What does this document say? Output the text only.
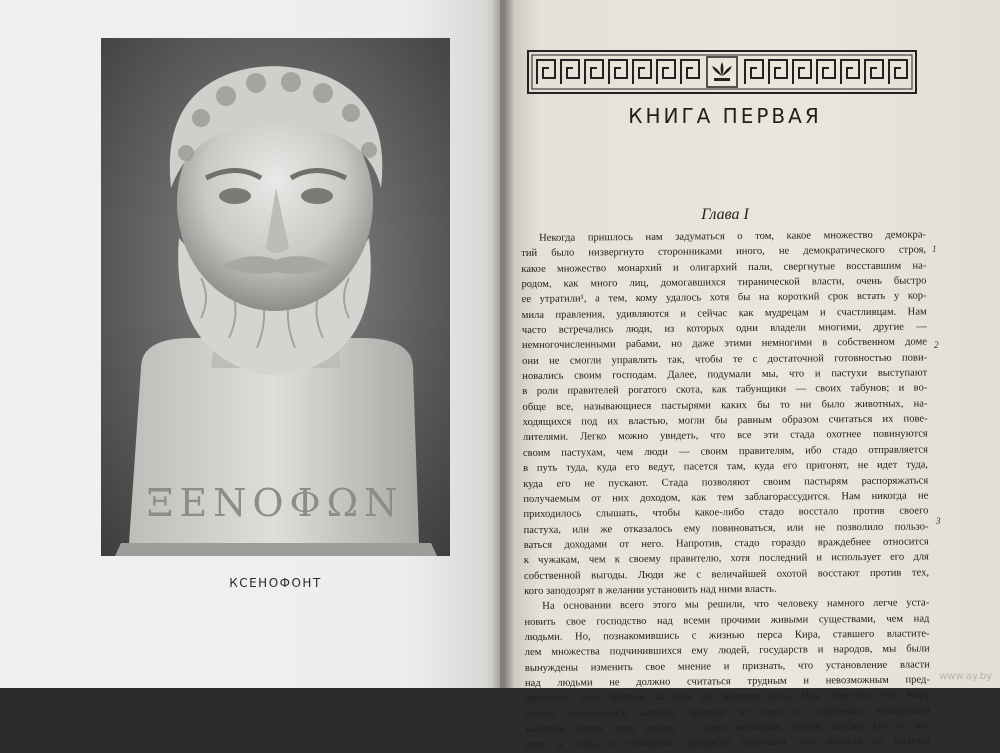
ΞΕΝΟΦΩΝ
КСЕНОФОНТ
КНИГА ПЕРВАЯ
Глава I
Некогда пришлось нам задуматься о том, какое множество демокра-
тий было низвергнуто сторонниками иного, не демократического строя,
какое множество монархий и олигархий пали, свергнутые восставшим на-
родом, как много лиц, домогавшихся тиранической власти, очень быстро
ее утратили¹, а тем, кому удалось хотя бы на короткий срок встать у кор-
мила правления, удивляются и сейчас как мудрецам и счастливцам. Нам
часто встречались люди, из которых одни владели многими, другие —
немногочисленными рабами, но даже этими немногими в собственном доме
они не смогли управлять так, чтобы те с достаточной готовностью пови-
новались своим господам. Далее, подумали мы, что и пастухи выступают
в роли правителей рогатого скота, как табунщики — своих табунов; и во-
обще все, называющиеся пастырями каких бы то ни было животных, на-
ходящихся под их властью, могли бы равным образом считаться их пове-
лителями. Легко можно увидеть, что все эти стада охотнее повинуются
своим пастухам, чем люди — своим правителям, ибо стадо отправляется
в путь туда, куда его ведут, пасется там, куда его пригонят, не идет туда,
куда его не пускают. Стада позволяют своим пастырям распоряжаться
получаемым от них доходом, как тем заблагорассудится. Нам никогда не
приходилось слышать, чтобы какое-либо стадо восстало против своего
пастуха, или же отказалось ему повиноваться, или не позволило пользо-
ваться доходами от него. Напротив, стадо гораздо враждебнее относится
к чужакам, чем к своему правителю, хотя последний и использует его для
собственной выгоды. Люди же с величайшей охотой восстают против тех,
кого заподозрят в желании установить над ними власть.
На основании всего этого мы решили, что человеку намного легче уста-
новить свое господство над всеми прочими живыми существами, чем над
людьми. Но, познакомившись с жизнью перса Кира, ставшего властите-
лем множества подчинившихся ему людей, государств и народов, мы были
вынуждены изменить свое мнение и признать, что установление власти
над людьми не должно считаться трудным и невозможным пред-
приятием, если браться за него со знанием дела. Нам известно, что Киру
охотно подчинялись народы, жившие от него в отдалении, измеряемом
многими днями пути, другие — даже месяцами, третьи вообще его не ви-
дели в глаза, а четвертые прекрасно понимали, что никогда не получат
1
2
3
www.ay.by
